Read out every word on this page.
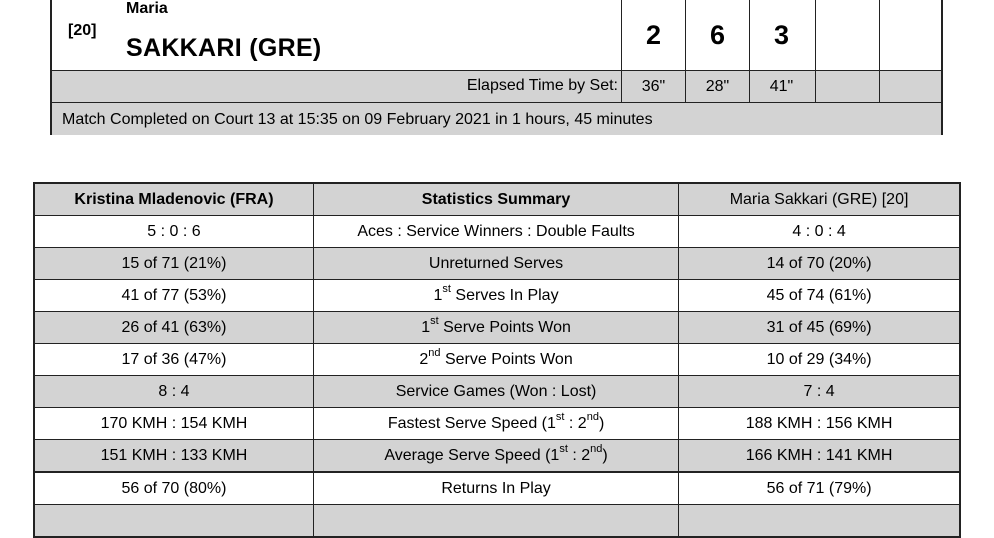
[20]
Maria
SAKKARI (GRE)	2	6	3
Elapsed Time by Set:	36"	28"	41"
Match Completed on Court 13 at 15:35 on 09 February 2021 in 1 hours, 45 minutes
Kristina Mladenovic (FRA)	Statistics Summary	Maria Sakkari (GRE) [20]
5 : 0 : 6	Aces : Service Winners : Double Faults	4 : 0 : 4
15 of 71 (21%)	Unreturned Serves	14 of 70 (20%)
41 of 77 (53%)	1st Serves In Play	45 of 74 (61%)
26 of 41 (63%)	1st Serve Points Won	31 of 45 (69%)
17 of 36 (47%)	2nd Serve Points Won	10 of 29 (34%)
8 : 4	Service Games (Won : Lost)	7 : 4
170 KMH : 154 KMH	Fastest Serve Speed (1st : 2nd)	188 KMH : 156 KMH
151 KMH : 133 KMH	Average Serve Speed (1st : 2nd)	166 KMH : 141 KMH
56 of 70 (80%)	Returns In Play	56 of 71 (79%)
